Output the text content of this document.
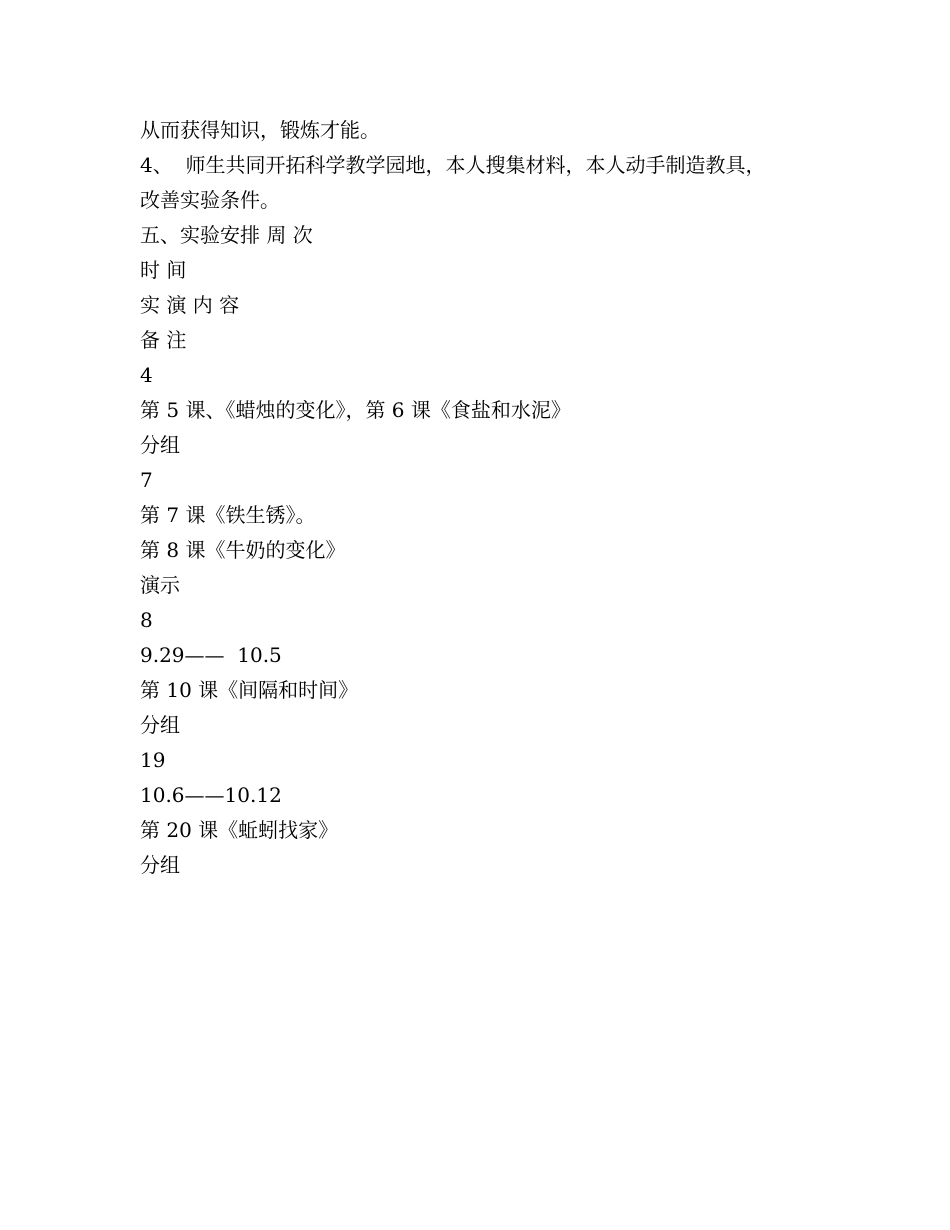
从而获得知识，锻炼才能。
4、  师生共同开拓科学教学园地，本人搜集材料，本人动手制造教具，
改善实验条件。
五、实验安排 周 次
时 间
实 演 内 容
备 注
4
第 5 课、《蜡烛的变化》，第 6 课《食盐和水泥》
分组
7
第 7 课《铁生锈》。
第 8 课《牛奶的变化》
演示
8
9.29——  10.5
第 10 课《间隔和时间》
分组
19
10.6——10.12
第 20 课《蚯蚓找家》
分组
